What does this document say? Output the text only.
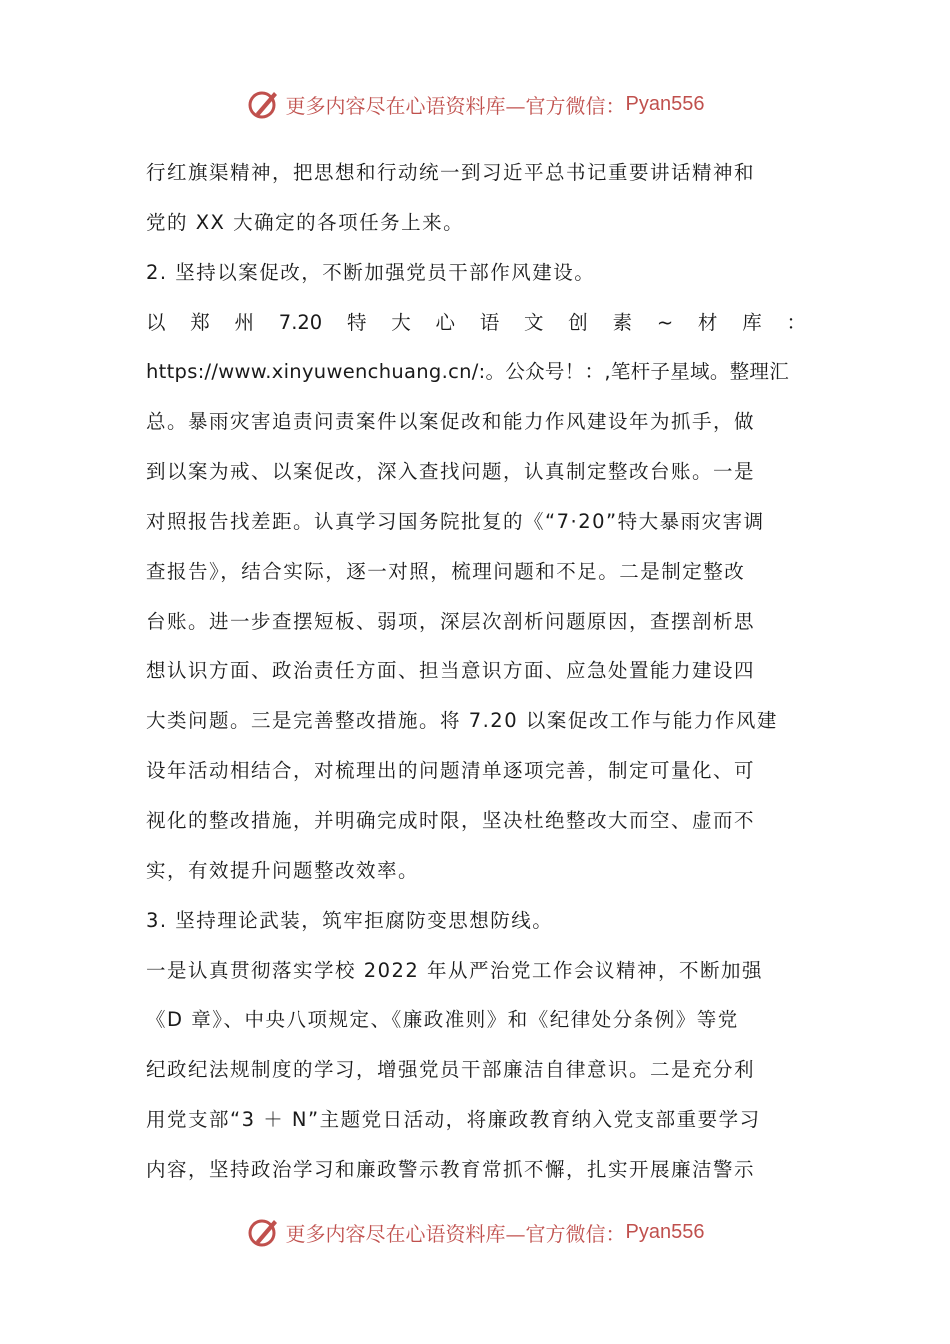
更多内容尽在心语资料库—官方微信： Pyan556
行红旗渠精神，把思想和行动统一到习近平总书记重要讲话精神和
党的 XX 大确定的各项任务上来。
2. 坚持以案促改，不断加强党员干部作风建设。
以 郑 州 7.20 特 大 心 语 文 创 素 ~ 材 库 ：
https://www.xinyuwenchuang.cn/:。公众号！：,笔杆子星域。整理汇
总。暴雨灾害追责问责案件以案促改和能力作风建设年为抓手，做
到以案为戒、以案促改，深入查找问题，认真制定整改台账。一是
对照报告找差距。认真学习国务院批复的《“7·20”特大暴雨灾害调
查报告》，结合实际，逐一对照，梳理问题和不足。二是制定整改
台账。进一步查摆短板、弱项，深层次剖析问题原因，查摆剖析思
想认识方面、政治责任方面、担当意识方面、应急处置能力建设四
大类问题。三是完善整改措施。将 7.20 以案促改工作与能力作风建
设年活动相结合，对梳理出的问题清单逐项完善，制定可量化、可
视化的整改措施，并明确完成时限，坚决杜绝整改大而空、虚而不
实，有效提升问题整改效率。
3. 坚持理论武装，筑牢拒腐防变思想防线。
一是认真贯彻落实学校 2022 年从严治党工作会议精神，不断加强
《D 章》、中央八项规定、《廉政准则》和《纪律处分条例》等党
纪政纪法规制度的学习，增强党员干部廉洁自律意识。二是充分利
用党支部“3 ＋ N”主题党日活动，将廉政教育纳入党支部重要学习
内容，坚持政治学习和廉政警示教育常抓不懈，扎实开展廉洁警示
更多内容尽在心语资料库—官方微信： Pyan556
